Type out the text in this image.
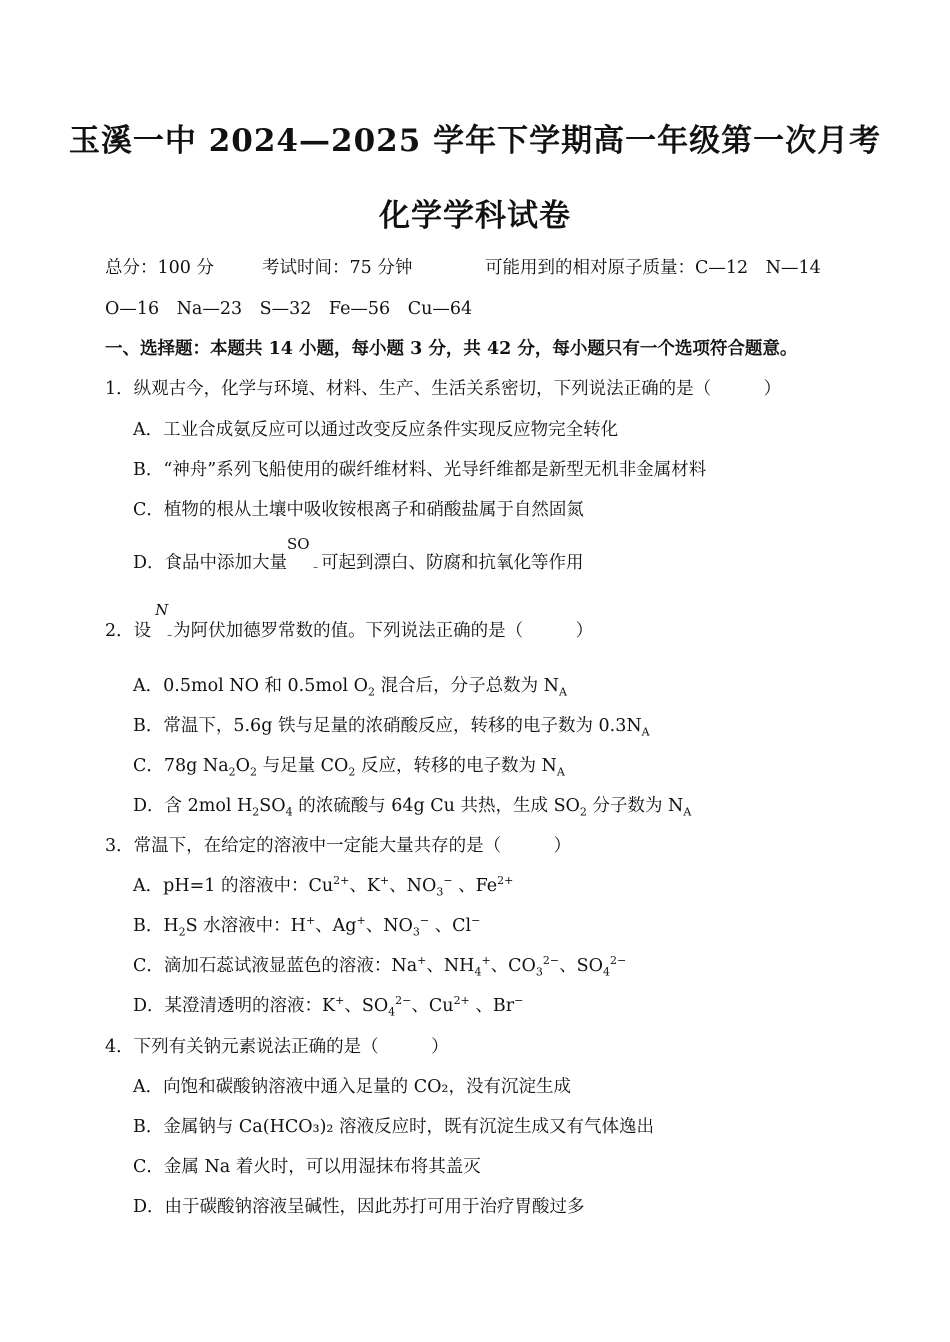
玉溪一中 2024—2025 学年下学期高一年级第一次月考
化学学科试卷
总分：100 分	考试时间：75 分钟	可能用到的相对原子质量：C—12　N—14
O—16　Na—23　S—32　Fe—56　Cu—64
一、选择题：本题共 14 小题，每小题 3 分，共 42 分，每小题只有一个选项符合题意。
1．纵观古今，化学与环境、材料、生产、生活关系密切，下列说法正确的是（　　　）
A．工业合成氨反应可以通过改变反应条件实现反应物完全转化
B．“神舟”系列飞船使用的碳纤维材料、光导纤维都是新型无机非金属材料
C．植物的根从土壤中吸收铵根离子和硝酸盐属于自然固氮
D．食品中添加大量
SO
– 可起到漂白、防腐和抗氧化等作用
2．设
N
– 为阿伏加德罗常数的值。下列说法正确的是（　　　）
A．0.5mol NO 和 0.5mol $O_2$ 混合后，分子总数为 $N_A$
B．常温下，5.6g 铁与足量的浓硝酸反应，转移的电子数为 $0.3N_A$
C．78g $Na_2O_2$ 与足量 $CO_2$ 反应，转移的电子数为 $N_A$
D．含 2mol $H_2SO_4$ 的浓硫酸与 64g Cu 共热，生成 $SO_2$ 分子数为 $N_A$
3．常温下，在给定的溶液中一定能大量共存的是（　　　）
A．pH=1 的溶液中：$Cu^{2+}$、K+、$NO_3^-$ 、$Fe^{2+}$
B．$H_2S$ 水溶液中：H+、Ag+、$NO_3^-$ 、Cl−
C．滴加石蕊试液显蓝色的溶液：Na+、$NH_4^+$、$CO_3^{2-}$、$SO_4^{2-}$
D．某澄清透明的溶液：K+、$SO_4^{2-}$、$Cu^{2+}$ 、Br−
4．下列有关钠元素说法正确的是（　　　）
A．向饱和碳酸钠溶液中通入足量的 CO₂，没有沉淀生成
B．金属钠与 Ca(HCO₃)₂ 溶液反应时，既有沉淀生成又有气体逸出
C．金属 Na 着火时，可以用湿抹布将其盖灭
D．由于碳酸钠溶液呈碱性，因此苏打可用于治疗胃酸过多
